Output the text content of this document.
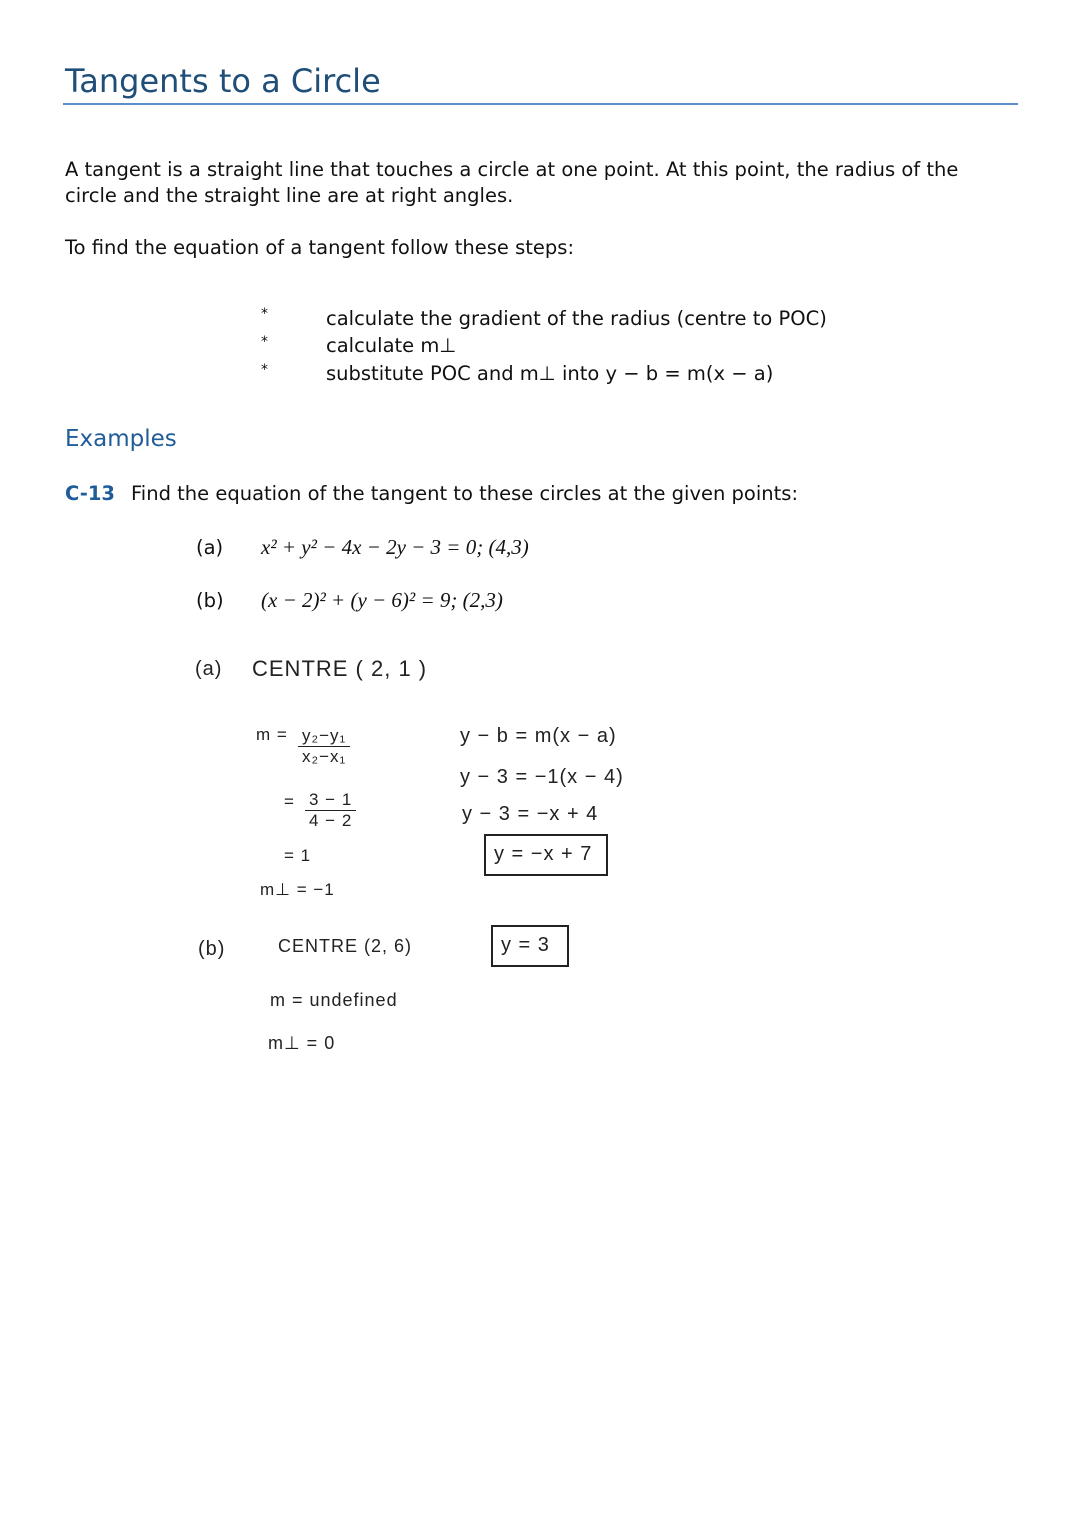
Tangents to a Circle
A tangent is a straight line that touches a circle at one point. At this point, the radius of the
circle and the straight line are at right angles.
To find the equation of a tangent follow these steps:
*	calculate the gradient of the radius (centre to POC)
*	calculate m⊥
*	substitute POC and m⊥ into y − b = m(x − a)
Examples
C-13 Find the equation of the tangent to these circles at the given points:
(a) x² + y² − 4x − 2y − 3 = 0; (4,3)
(b) (x − 2)² + (y − 6)² = 9; (2,3)
(a) CENTRE ( 2, 1 )
$m = \frac{\text{y₂−y₁}}{\text{x₂−x₁}}$
= $\frac{3 - 1}{4 - 2}$
= 1
m⊥ = −1
y − b = m(x − a)
y − 3 = −1(x − 4)
y − 3 = −x + 4
y = −x + 7
(b)	CENTRE (2, 6)	y = 3
m = undefined
m⊥ = 0
